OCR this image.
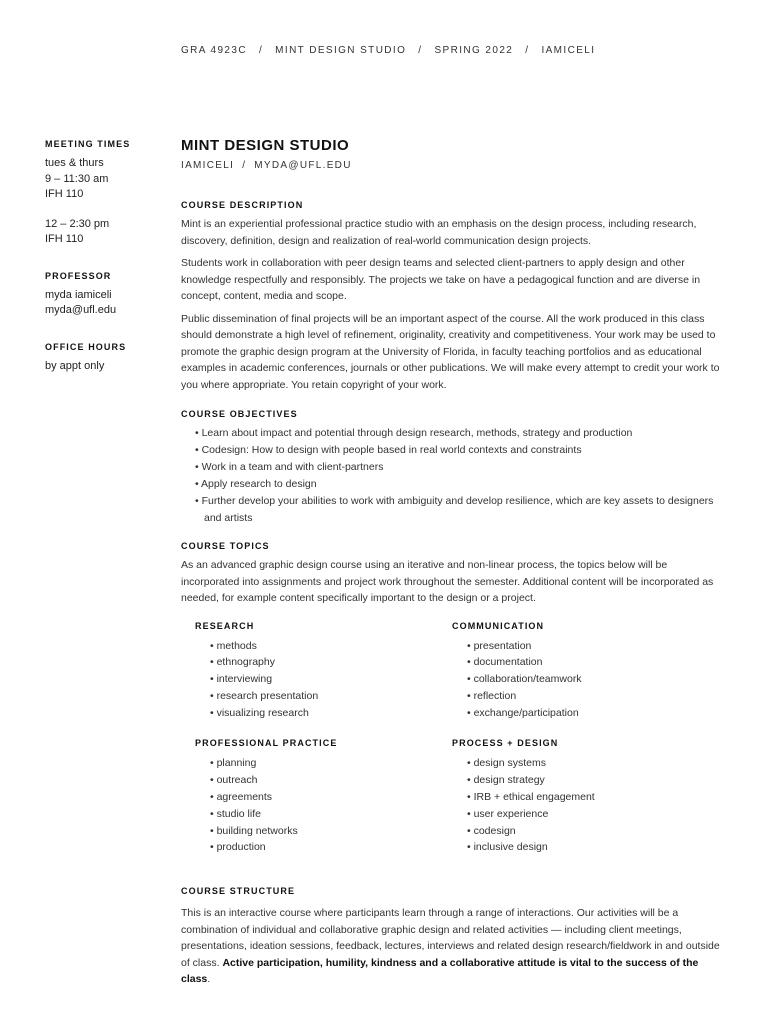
GRA 4923C / MINT DESIGN STUDIO / SPRING 2022 / IAMICELI
MEETING TIMES
tues & thurs
9 – 11:30 am
IFH 110
12 – 2:30 pm
IFH 110
PROFESSOR
myda iamiceli
myda@ufl.edu
OFFICE HOURS
by appt only
MINT DESIGN STUDIO
IAMICELI / MYDA@UFL.EDU
COURSE DESCRIPTION

Mint is an experiential professional practice studio with an emphasis on the design process, including research, discovery, definition, design and realization of real-world communication design projects.

Students work in collaboration with peer design teams and selected client-partners to apply design and other knowledge respectfully and responsibly. The projects we take on have a pedagogical function and are diverse in concept, content, media and scope.

Public dissemination of final projects will be an important aspect of the course. All the work produced in this class should demonstrate a high level of refinement, originality, creativity and competitiveness. Your work may be used to promote the graphic design program at the University of Florida, in faculty teaching portfolios and as educational examples in academic conferences, journals or other publications. We will make every attempt to credit your work to you where appropriate. You retain copyright of your work.

COURSE OBJECTIVES
• Learn about impact and potential through design research, methods, strategy and production
• Codesign: How to design with people based in real world contexts and constraints
• Work in a team and with client-partners
• Apply research to design
• Further develop your abilities to work with ambiguity and develop resilience, which are key assets to designers and artists
COURSE TOPICS

As an advanced graphic design course using an iterative and non-linear process, the topics below will be incorporated into assignments and project work throughout the semester. Additional content will be incorporated as needed, for example content specifically important to the design or a project.

RESEARCH
• methods
• ethnography
• interviewing
• research presentation
• visualizing research
COMMUNICATION
• presentation
• documentation
• collaboration/teamwork
• reflection
• exchange/participation
PROFESSIONAL PRACTICE
• planning
• outreach
• agreements
• studio life
• building networks
• production
PROCESS + DESIGN
• design systems
• design strategy
• IRB + ethical engagement
• user experience
• codesign
• inclusive design
COURSE STRUCTURE

This is an interactive course where participants learn through a range of interactions. Our activities will be a combination of individual and collaborative graphic design and related activities — including client meetings, presentations, ideation sessions, feedback, lectures, interviews and related design research/fieldwork in and outside of class. Active participation, humility, kindness and a collaborative attitude is vital to the success of the class.
